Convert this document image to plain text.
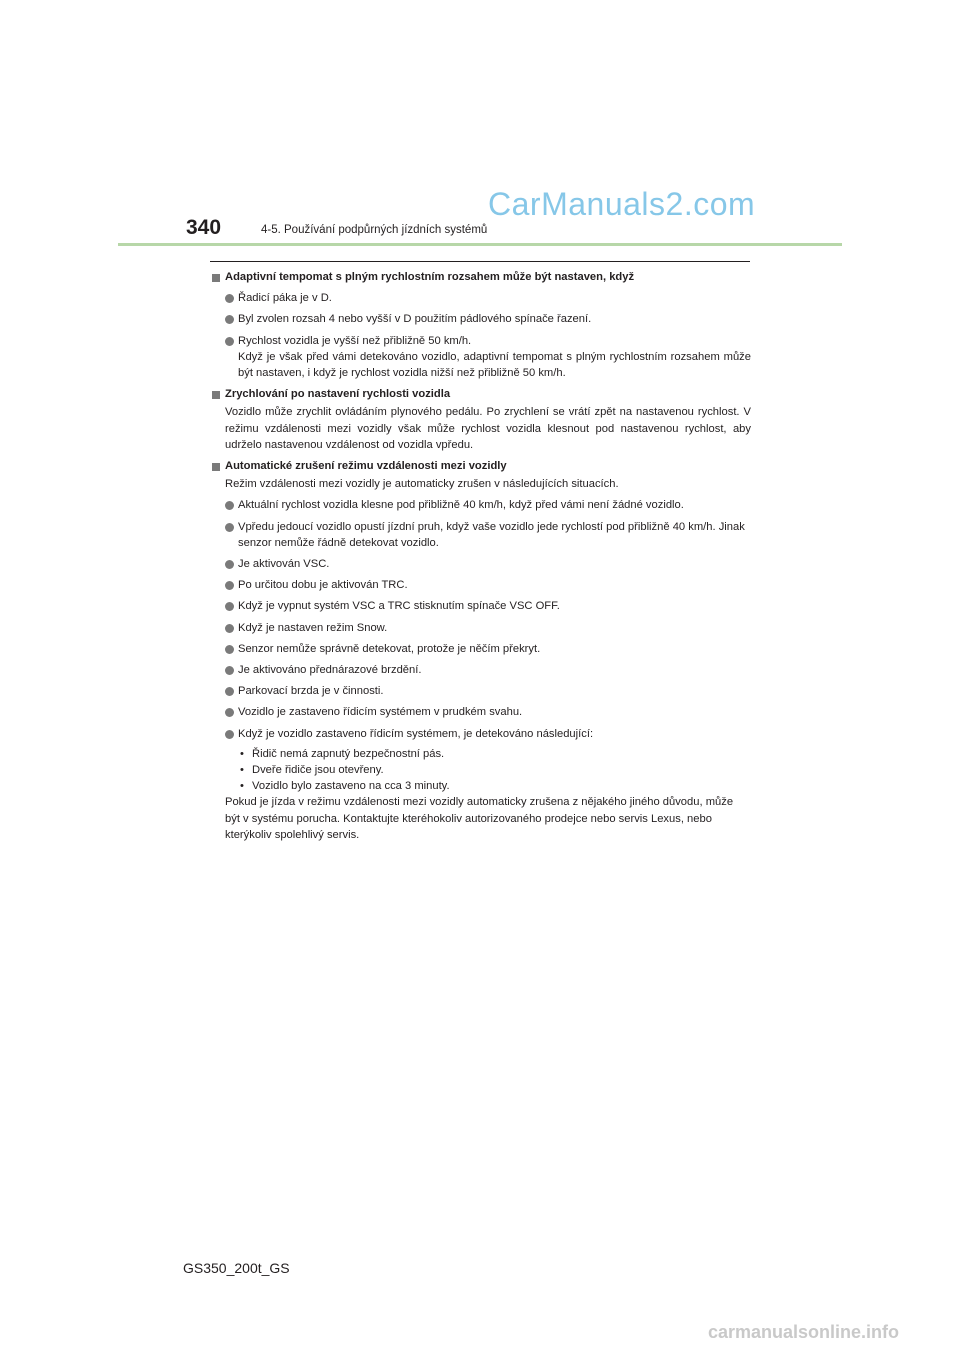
CarManuals2.com
340	4-5. Používání podpůrných jízdních systémů
Adaptivní tempomat s plným rychlostním rozsahem může být nastaven, když
Řadicí páka je v D.
Byl zvolen rozsah 4 nebo vyšší v D použitím pádlového spínače řazení.
Rychlost vozidla je vyšší než přibližně 50 km/h.
Když je však před vámi detekováno vozidlo, adaptivní tempomat s plným rychlostním rozsahem může být nastaven, i když je rychlost vozidla nižší než přibližně 50 km/h.
Zrychlování po nastavení rychlosti vozidla
Vozidlo může zrychlit ovládáním plynového pedálu. Po zrychlení se vrátí zpět na nastavenou rychlost. V režimu vzdálenosti mezi vozidly však může rychlost vozidla klesnout pod nastavenou rychlost, aby udrželo nastavenou vzdálenost od vozidla vpředu.
Automatické zrušení režimu vzdálenosti mezi vozidly
Režim vzdálenosti mezi vozidly je automaticky zrušen v následujících situacích.
Aktuální rychlost vozidla klesne pod přibližně 40 km/h, když před vámi není žádné vozidlo.
Vpředu jedoucí vozidlo opustí jízdní pruh, když vaše vozidlo jede rychlostí pod přibližně 40 km/h. Jinak senzor nemůže řádně detekovat vozidlo.
Je aktivován VSC.
Po určitou dobu je aktivován TRC.
Když je vypnut systém VSC a TRC stisknutím spínače VSC OFF.
Když je nastaven režim Snow.
Senzor nemůže správně detekovat, protože je něčím překryt.
Je aktivováno přednárazové brzdění.
Parkovací brzda je v činnosti.
Vozidlo je zastaveno řídicím systémem v prudkém svahu.
Když je vozidlo zastaveno řídicím systémem, je detekováno následující:
• Řidič nemá zapnutý bezpečnostní pás.
• Dveře řidiče jsou otevřeny.
• Vozidlo bylo zastaveno na cca 3 minuty.
Pokud je jízda v režimu vzdálenosti mezi vozidly automaticky zrušena z nějakého jiného důvodu, může být v systému porucha. Kontaktujte kteréhokoliv autorizovaného prodejce nebo servis Lexus, nebo kterýkoliv spolehlivý servis.
GS350_200t_GS
carmanualsonline.info
